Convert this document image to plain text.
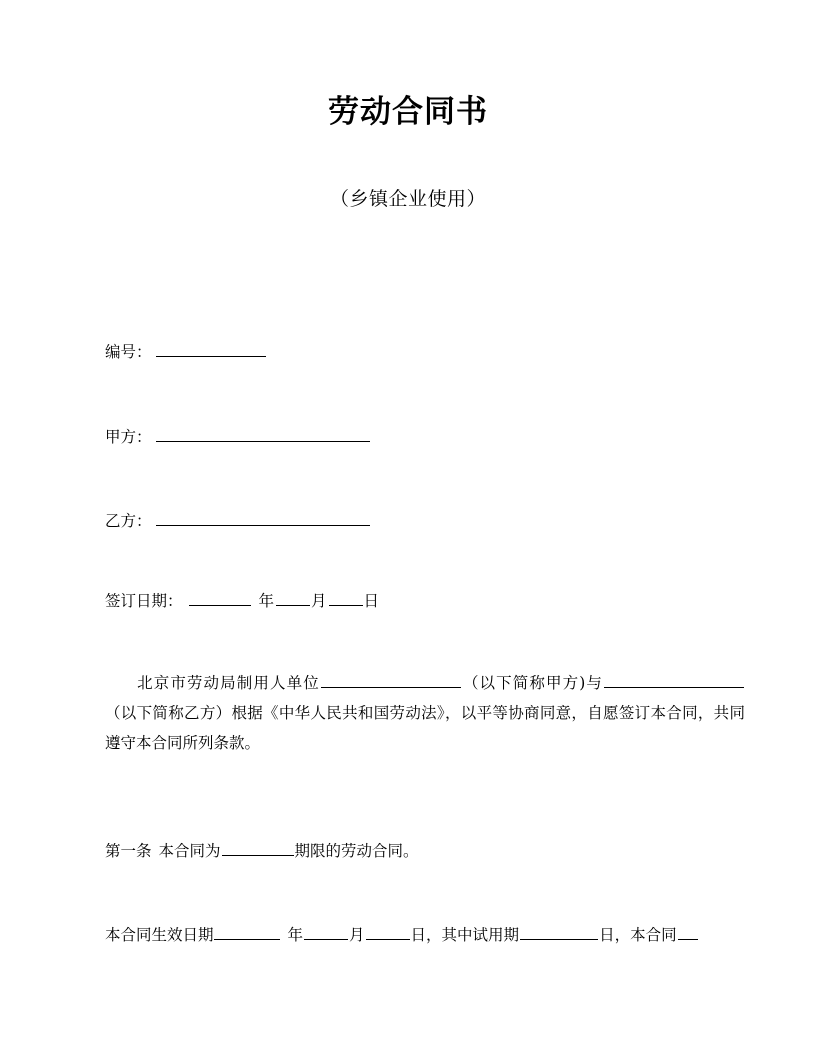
劳动合同书
（乡镇企业使用）
编号：
甲方：
乙方：
签订日期：	年 月 日
北京市劳动局制用人单位	（以下简称甲方)与（以下简称乙方）根据《中华人民共和国劳动法》，以平等协商同意，自愿签订本合同，共同遵守本合同所列条款。
第一条 本合同为	期限的劳动合同。
本合同生效日期	年	月	日，其中试用期	日，本合同
